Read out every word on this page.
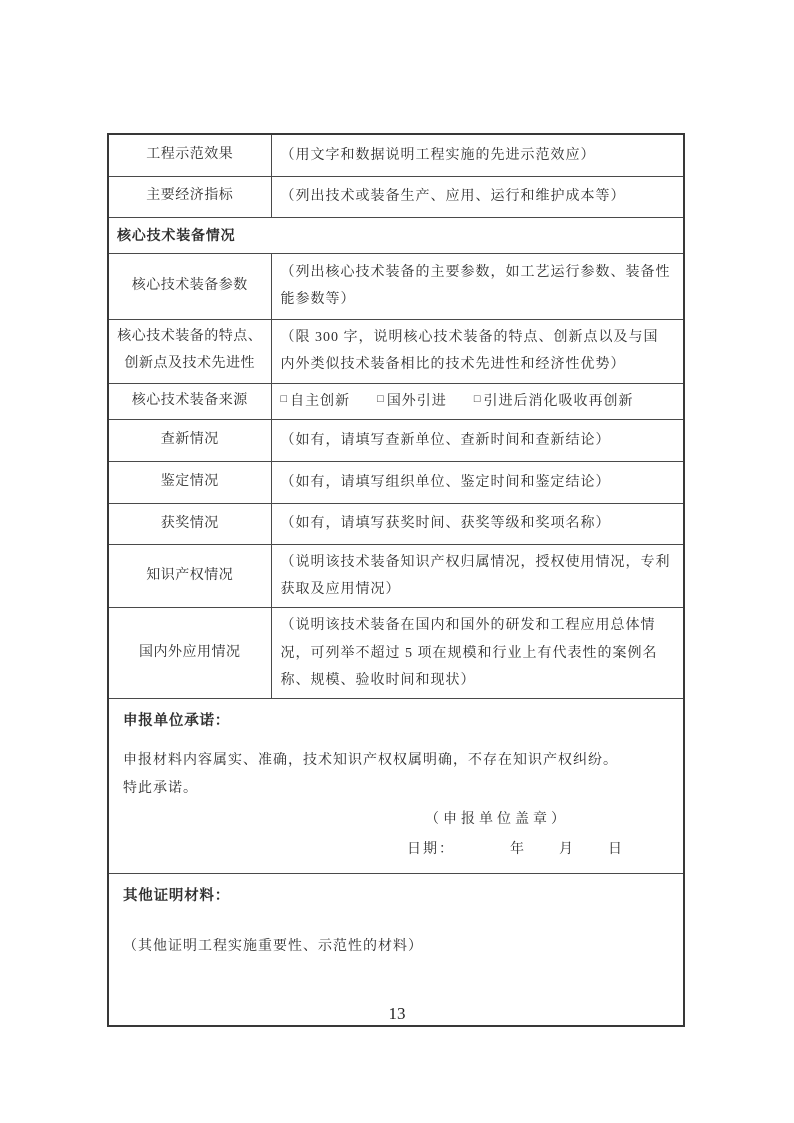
工程示范效果	（用文字和数据说明工程实施的先进示范效应）
主要经济指标	（列出技术或装备生产、应用、运行和维护成本等）
核心技术装备情况	
核心技术装备参数	（列出核心技术装备的主要参数，如工艺运行参数、装备性能参数等）
核心技术装备的特点、创新点及技术先进性	（限 300 字，说明核心技术装备的特点、创新点以及与国内外类似技术装备相比的技术先进性和经济性优势）
核心技术装备来源	□ 自主创新 □ 国外引进 □ 引进后消化吸收再创新

查新情况	（如有，请填写查新单位、查新时间和查新结论）
鉴定情况	（如有，请填写组织单位、鉴定时间和鉴定结论）
获奖情况	（如有，请填写获奖时间、获奖等级和奖项名称）
知识产权情况	（说明该技术装备知识产权归属情况，授权使用情况，专利获取及应用情况）
国内外应用情况	（说明该技术装备在国内和国外的研发和工程应用总体情况，可列举不超过 5 项在规模和行业上有代表性的案例名称、规模、验收时间和现状）

申报单位承诺：
申报材料内容属实、准确，技术知识产权权属明确，不存在知识产权纠纷。
特此承诺。
（申报单位盖章）
日期：          年      月      日	

其他证明材料：
（其他证明工程实施重要性、示范性的材料）	
13
